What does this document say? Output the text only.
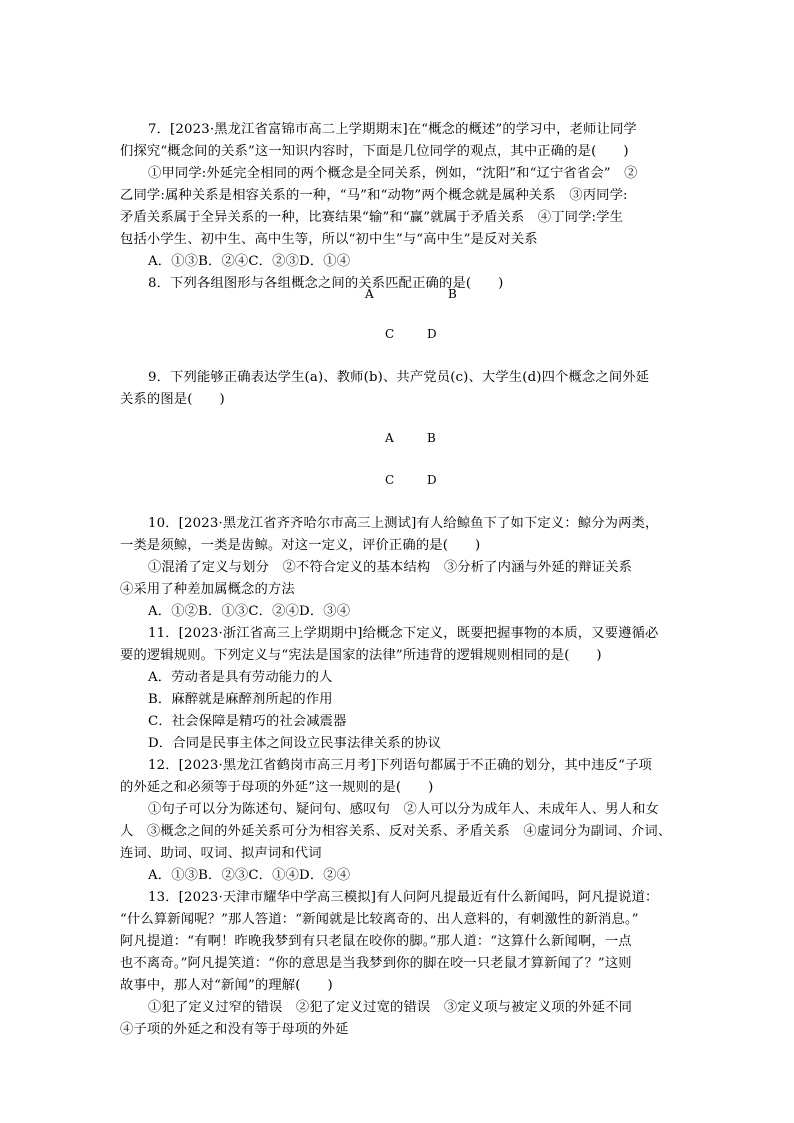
7．[2023·黑龙江省富锦市高二上学期期末]在“概念的概述”的学习中，老师让同学
们探究“概念间的关系”这一知识内容时，下面是几位同学的观点，其中正确的是(　　)
①甲同学:外延完全相同的两个概念是全同关系，例如，“沈阳”和“辽宁省省会”　②
乙同学:属种关系是相容关系的一种，“马”和“动物”两个概念就是属种关系　③丙同学:
矛盾关系属于全异关系的一种，比赛结果“输”和“赢”就属于矛盾关系　④丁同学:学生
包括小学生、初中生、高中生等，所以“初中生”与“高中生”是反对关系
A．①③B．②④C．②③D．①④
8．下列各组图形与各组概念之间的关系匹配正确的是(　　)
A	B
C	D
9．下列能够正确表达学生(a)、教师(b)、共产党员(c)、大学生(d)四个概念之间外延
关系的图是(　　)
A	B
C	D
10．[2023·黑龙江省齐齐哈尔市高三上测试]有人给鲸鱼下了如下定义：鲸分为两类，
一类是须鲸，一类是齿鲸。对这一定义，评价正确的是(　　)
①混淆了定义与划分　②不符合定义的基本结构　③分析了内涵与外延的辩证关系
④采用了种差加属概念的方法
A．①②B．①③C．②④D．③④
11．[2023·浙江省高三上学期期中]给概念下定义，既要把握事物的本质，又要遵循必
要的逻辑规则。下列定义与“宪法是国家的法律”所违背的逻辑规则相同的是(　　)
A．劳动者是具有劳动能力的人
B．麻醉就是麻醉剂所起的作用
C．社会保障是精巧的社会减震器
D．合同是民事主体之间设立民事法律关系的协议
12．[2023·黑龙江省鹤岗市高三月考]下列语句都属于不正确的划分，其中违反“子项
的外延之和必须等于母项的外延”这一规则的是(　　)
①句子可以分为陈述句、疑问句、感叹句　②人可以分为成年人、未成年人、男人和女
人　③概念之间的外延关系可分为相容关系、反对关系、矛盾关系　④虚词分为副词、介词、
连词、助词、叹词、拟声词和代词
A．①③B．②③C．①④D．②④
13．[2023·天津市耀华中学高三模拟]有人问阿凡提最近有什么新闻吗，阿凡提说道：
“什么算新闻呢？”那人答道：“新闻就是比较离奇的、出人意料的，有刺激性的新消息。”
阿凡提道：“有啊！昨晚我梦到有只老鼠在咬你的脚。”那人道：“这算什么新闻啊，一点
也不离奇。”阿凡提笑道：“你的意思是当我梦到你的脚在咬一只老鼠才算新闻了？”这则
故事中，那人对“新闻”的理解(　　)
①犯了定义过窄的错误　②犯了定义过宽的错误　③定义项与被定义项的外延不同
④子项的外延之和没有等于母项的外延
